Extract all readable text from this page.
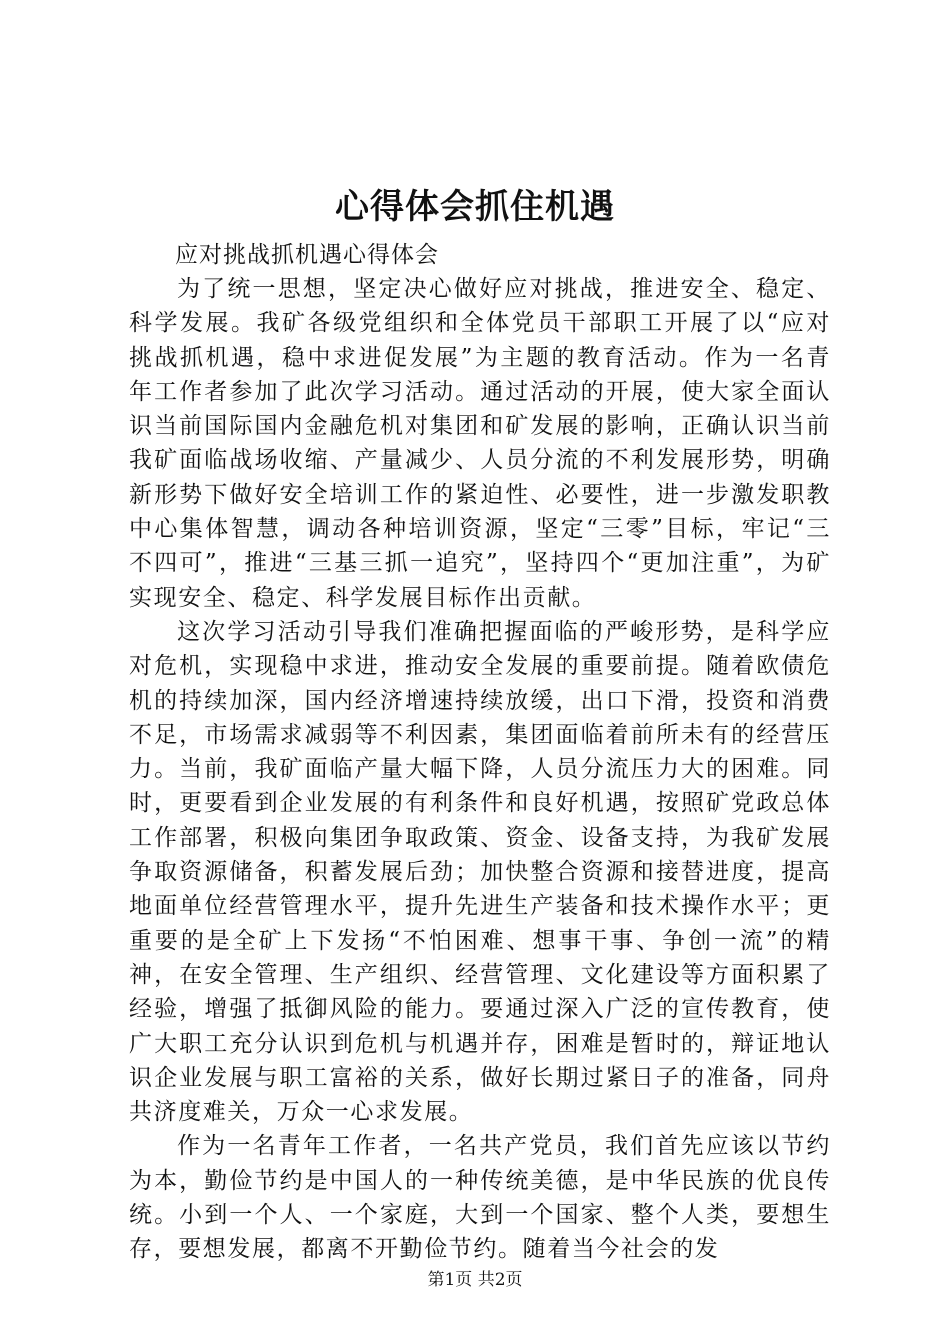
心得体会抓住机遇

应对挑战抓机遇心得体会

为了统一思想，坚定决心做好应对挑战，推进安全、稳定、科学发展。我矿各级党组织和全体党员干部职工开展了以“应对挑战抓机遇，稳中求进促发展”为主题的教育活动。作为一名青年工作者参加了此次学习活动。通过活动的开展，使大家全面认识当前国际国内金融危机对集团和矿发展的影响，正确认识当前我矿面临战场收缩、产量减少、人员分流的不利发展形势，明确新形势下做好安全培训工作的紧迫性、必要性，进一步激发职教中心集体智慧，调动各种培训资源，坚定“三零”目标，牢记“三不四可”，推进“三基三抓一追究”，坚持四个“更加注重”，为矿实现安全、稳定、科学发展目标作出贡献。

这次学习活动引导我们准确把握面临的严峻形势，是科学应对危机，实现稳中求进，推动安全发展的重要前提。随着欧债危机的持续加深，国内经济增速持续放缓，出口下滑，投资和消费不足，市场需求减弱等不利因素，集团面临着前所未有的经营压力。当前，我矿面临产量大幅下降，人员分流压力大的困难。同时，更要看到企业发展的有利条件和良好机遇，按照矿党政总体工作部署，积极向集团争取政策、资金、设备支持，为我矿发展争取资源储备，积蓄发展后劲；加快整合资源和接替进度，提高地面单位经营管理水平，提升先进生产装备和技术操作水平；更重要的是全矿上下发扬“不怕困难、想事干事、争创一流”的精神，在安全管理、生产组织、经营管理、文化建设等方面积累了经验，增强了抵御风险的能力。要通过深入广泛的宣传教育，使广大职工充分认识到危机与机遇并存，困难是暂时的，辩证地认识企业发展与职工富裕的关系，做好长期过紧日子的准备，同舟共济度难关，万众一心求发展。

作为一名青年工作者，一名共产党员，我们首先应该以节约为本，勤俭节约是中国人的一种传统美德，是中华民族的优良传统。小到一个人、一个家庭，大到一个国家、整个人类，要想生存，要想发展，都离不开勤俭节约。随着当今社会的发

第1页 共2页
